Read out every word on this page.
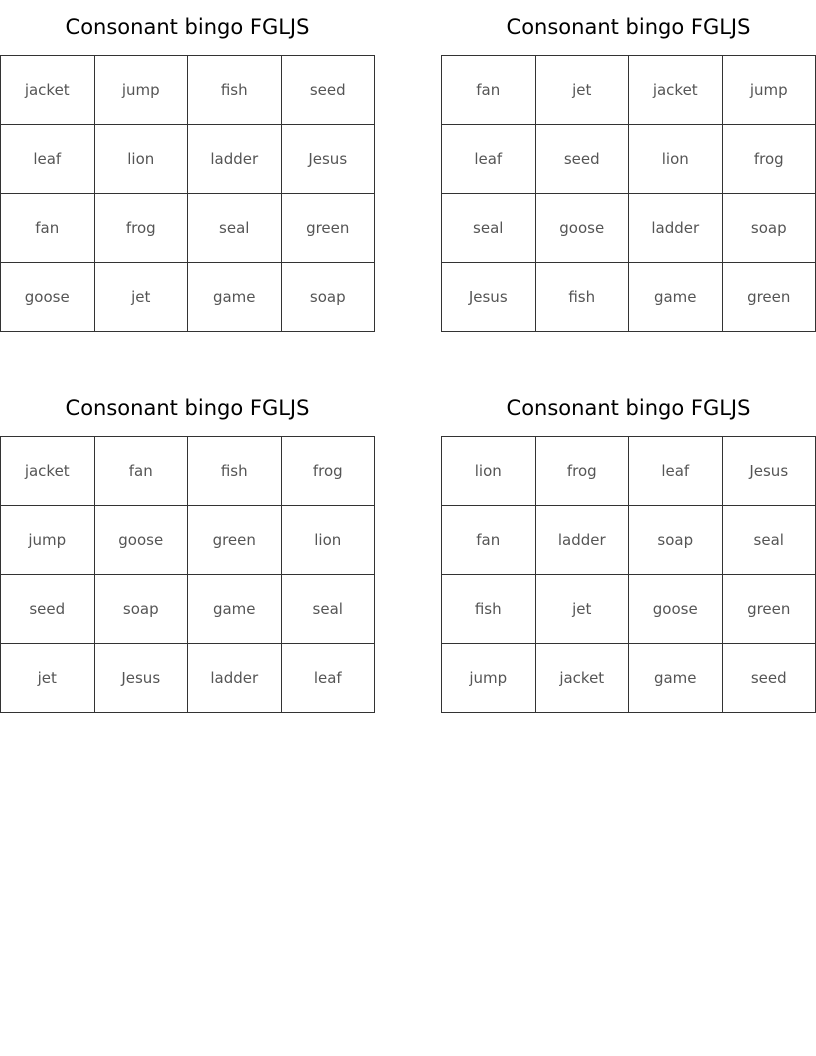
Consonant bingo FGLJS
jacket	jump	fish	seed
leaf	lion	ladder	Jesus
fan	frog	seal	green
goose	jet	game	soap
Consonant bingo FGLJS
fan	jet	jacket	jump
leaf	seed	lion	frog
seal	goose	ladder	soap
Jesus	fish	game	green
Consonant bingo FGLJS
jacket	fan	fish	frog
jump	goose	green	lion
seed	soap	game	seal
jet	Jesus	ladder	leaf
Consonant bingo FGLJS
lion	frog	leaf	Jesus
fan	ladder	soap	seal
fish	jet	goose	green
jump	jacket	game	seed
